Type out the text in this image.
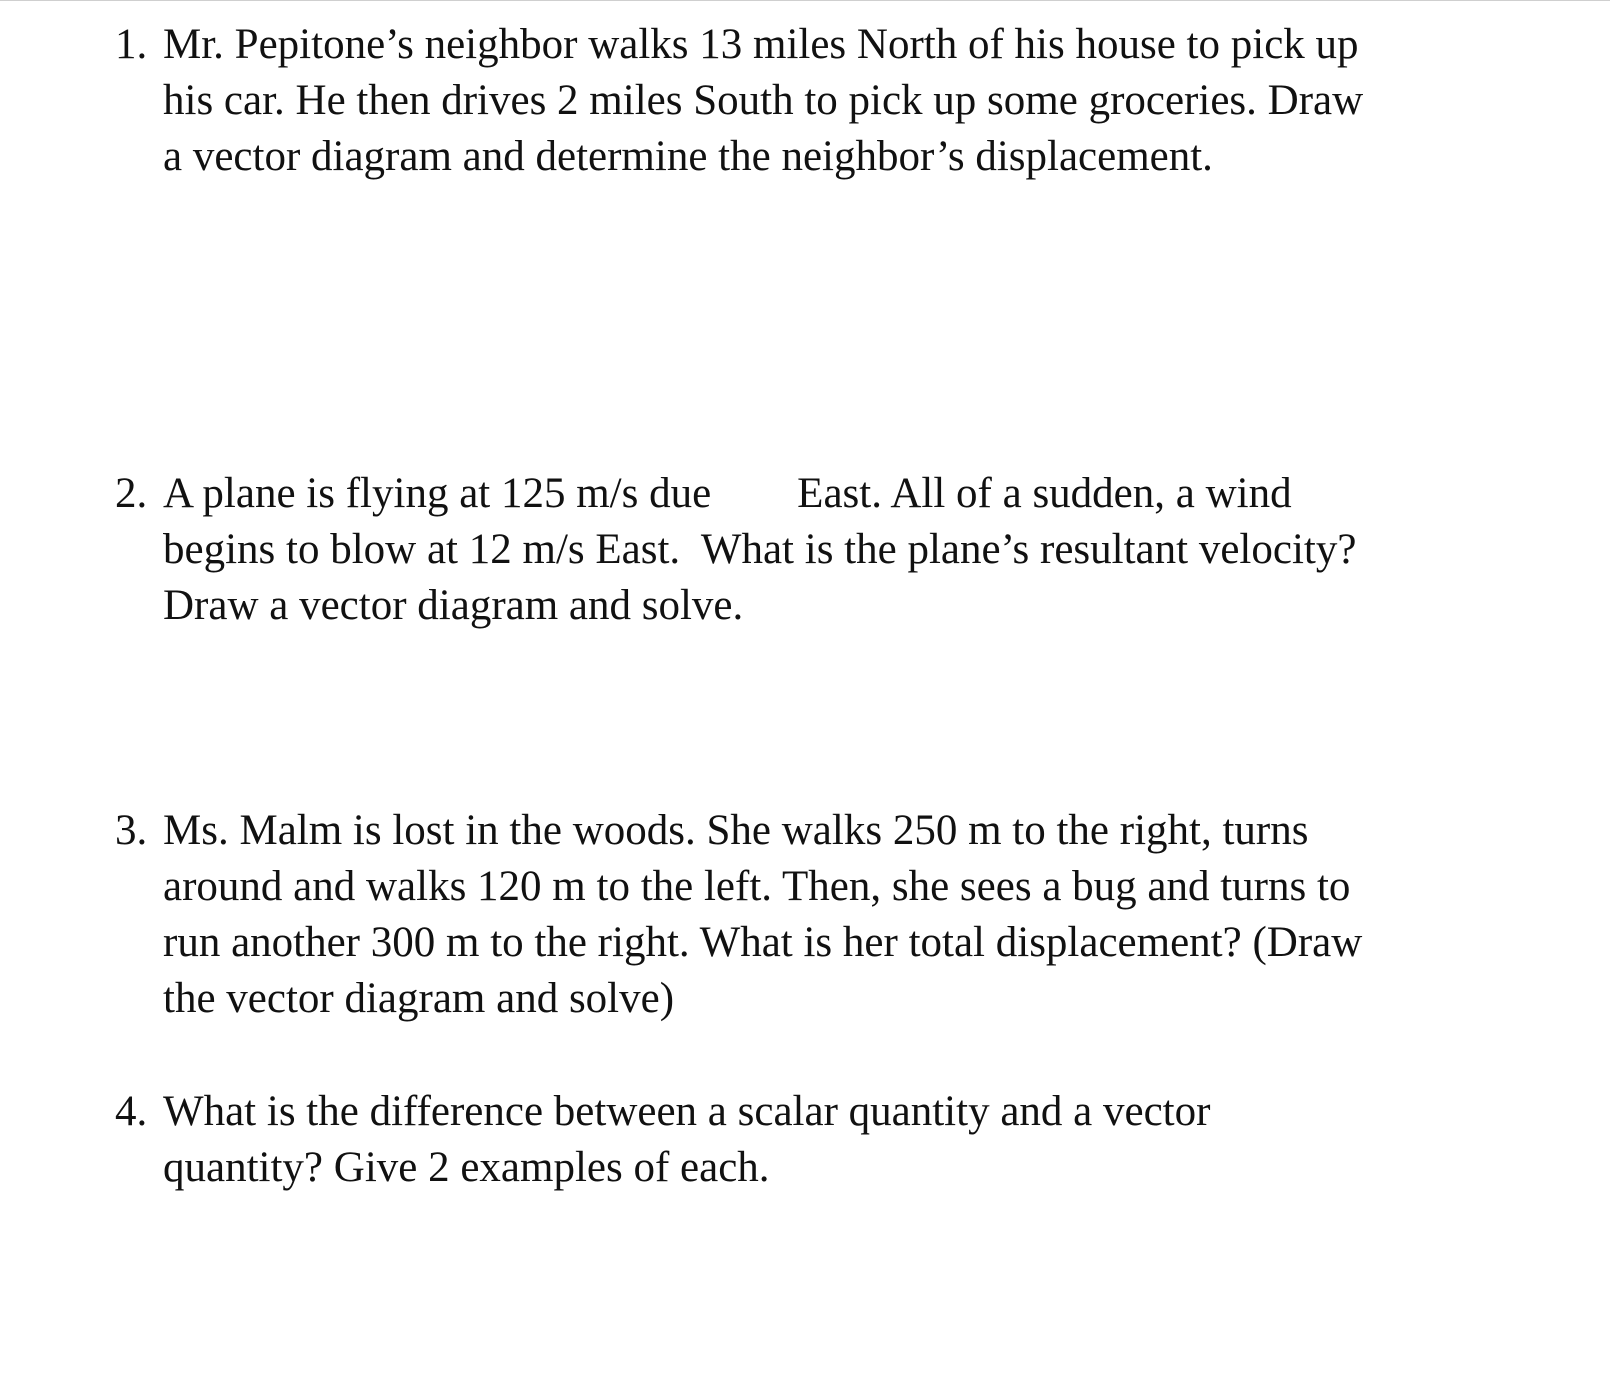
1. Mr. Pepitone’s neighbor walks 13 miles North of his house to pick up
his car. He then drives 2 miles South to pick up some groceries. Draw
a vector diagram and determine the neighbor’s displacement.
2. A plane is flying at 125 m/s due        East. All of a sudden, a wind
begins to blow at 12 m/s East.  What is the plane’s resultant velocity?
Draw a vector diagram and solve.
3. Ms. Malm is lost in the woods. She walks 250 m to the right, turns
around and walks 120 m to the left. Then, she sees a bug and turns to
run another 300 m to the right. What is her total displacement? (Draw
the vector diagram and solve)
4. What is the difference between a scalar quantity and a vector
quantity? Give 2 examples of each.
